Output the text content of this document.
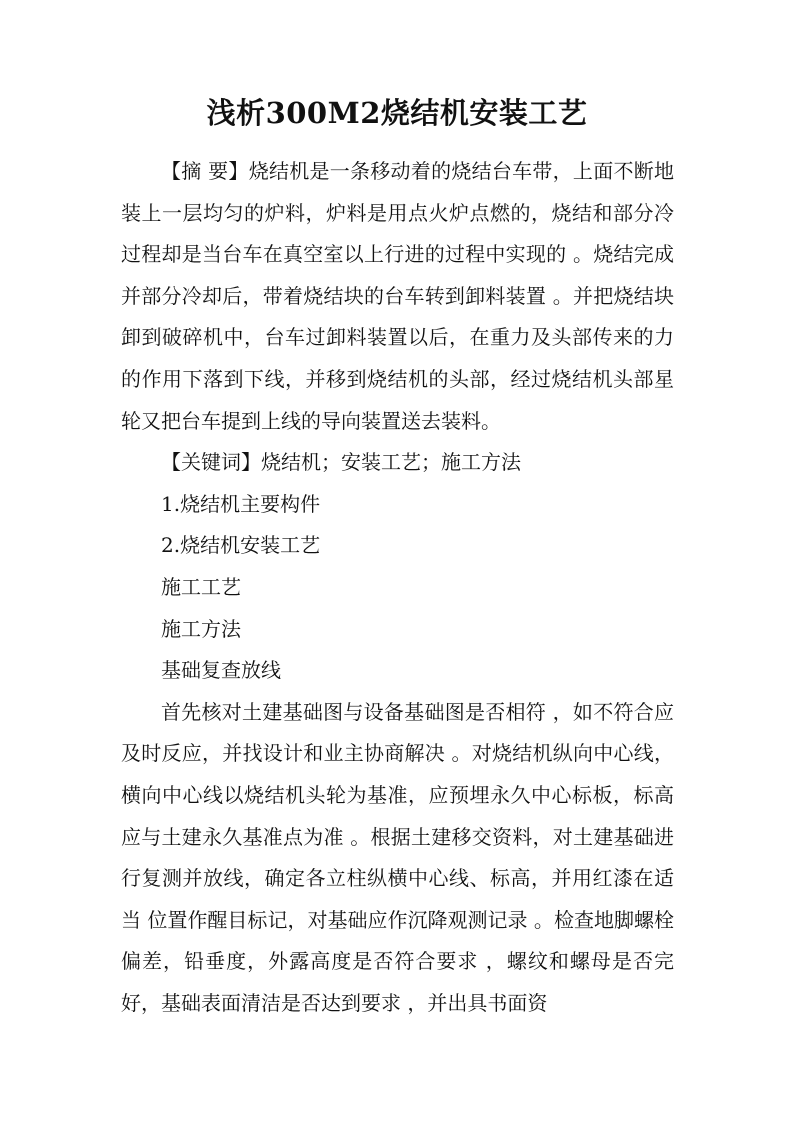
浅析300M2烧结机安装工艺

【摘 要】烧结机是一条移动着的烧结台车带，上面不断地装上一层均匀的炉料，炉料是用点火炉点燃的，烧结和部分冷过程却是当台车在真空室以上行进的过程中实现的 。烧结完成并部分冷却后，带着烧结块的台车转到卸料装置 。并把烧结块卸到破碎机中，台车过卸料装置以后，在重力及头部传来的力的作用下落到下线，并移到烧结机的头部，经过烧结机头部星轮又把台车提到上线的导向装置送去装料。

【关键词】烧结机；安装工艺；施工方法

1.烧结机主要构件

2.烧结机安装工艺

施工工艺

施工方法

基础复查放线

首先核对土建基础图与设备基础图是否相符 ，如不符合应及时反应，并找设计和业主协商解决 。对烧结机纵向中心线，横向中心线以烧结机头轮为基准，应预埋永久中心标板，标高应与土建永久基准点为准 。根据土建移交资料，对土建基础进行复测并放线，确定各立柱纵横中心线、标高，并用红漆在适当 位置作醒目标记，对基础应作沉降观测记录 。检查地脚螺栓偏差，铅垂度，外露高度是否符合要求 ，螺纹和螺母是否完好，基础表面清洁是否达到要求 ，并出具书面资
